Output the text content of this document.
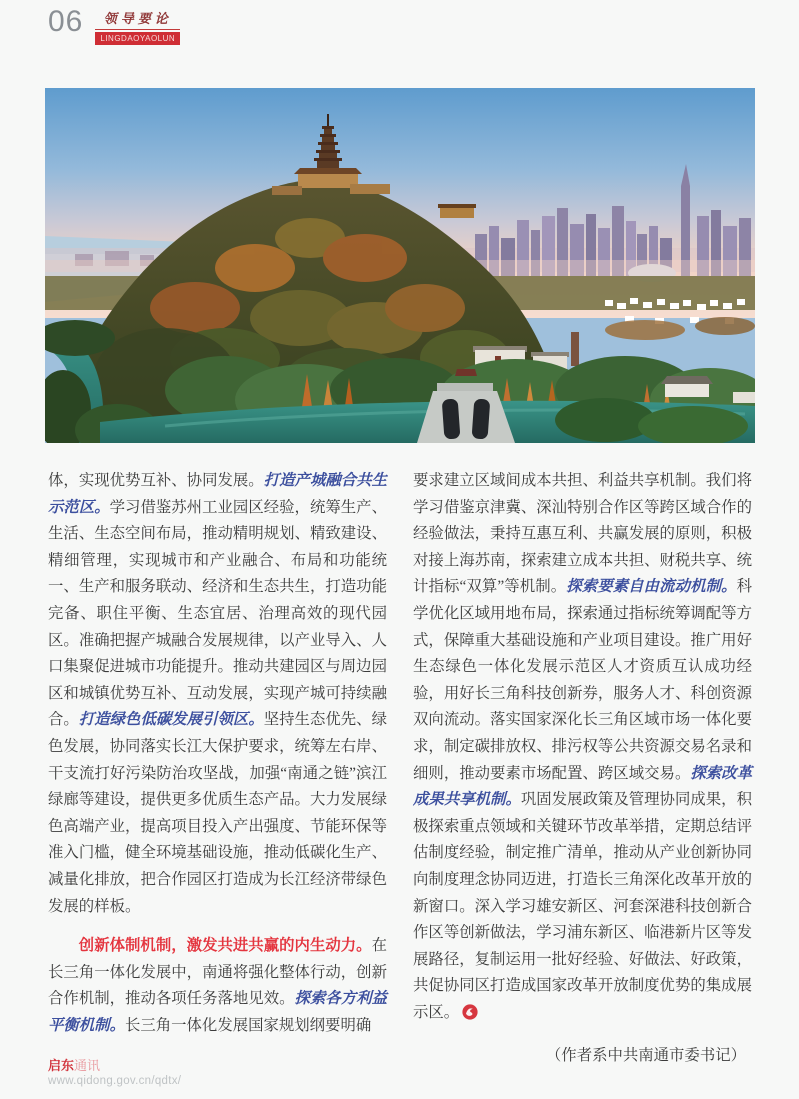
06	领导要论
LINGDAOYAOLUN

体，实现优势互补、协同发展。打造产城融合共生示范区。学习借鉴苏州工业园区经验，统筹生产、生活、生态空间布局，推动精明规划、精致建设、精细管理，实现城市和产业融合、布局和功能统一、生产和服务联动、经济和生态共生，打造功能完备、职住平衡、生态宜居、治理高效的现代园区。准确把握产城融合发展规律，以产业导入、人口集聚促进城市功能提升。推动共建园区与周边园区和城镇优势互补、互动发展，实现产城可持续融合。打造绿色低碳发展引领区。坚持生态优先、绿色发展，协同落实长江大保护要求，统筹左右岸、干支流打好污染防治攻坚战，加强“南通之链”滨江绿廊等建设，提供更多优质生态产品。大力发展绿色高端产业，提高项目投入产出强度、节能环保等准入门槛，健全环境基础设施，推动低碳化生产、减量化排放，把合作园区打造成为长江经济带绿色发展的样板。

创新体制机制，激发共进共赢的内生动力。在长三角一体化发展中，南通将强化整体行动，创新合作机制，推动各项任务落地见效。探索各方利益平衡机制。长三角一体化发展国家规划纲要明确

要求建立区域间成本共担、利益共享机制。我们将学习借鉴京津冀、深汕特别合作区等跨区域合作的经验做法，秉持互惠互利、共赢发展的原则，积极对接上海苏南，探索建立成本共担、财税共享、统计指标“双算”等机制。探索要素自由流动机制。科学优化区域用地布局，探索通过指标统筹调配等方式，保障重大基础设施和产业项目建设。推广用好生态绿色一体化发展示范区人才资质互认成功经验，用好长三角科技创新券，服务人才、科创资源双向流动。落实国家深化长三角区域市场一体化要求，制定碳排放权、排污权等公共资源交易名录和细则，推动要素市场配置、跨区域交易。探索改革成果共享机制。巩固发展政策及管理协同成果，积极探索重点领域和关键环节改革举措，定期总结评估制度经验，制定推广清单，推动从产业创新协同向制度理念协同迈进，打造长三角深化改革开放的新窗口。深入学习雄安新区、河套深港科技创新合作区等创新做法，学习浦东新区、临港新片区等发展路径，复制运用一批好经验、好做法、好政策，共促协同区打造成国家改革开放制度优势的集成展示区。

（作者系中共南通市委书记）

启东通讯
www.qidong.gov.cn/qdtx/
